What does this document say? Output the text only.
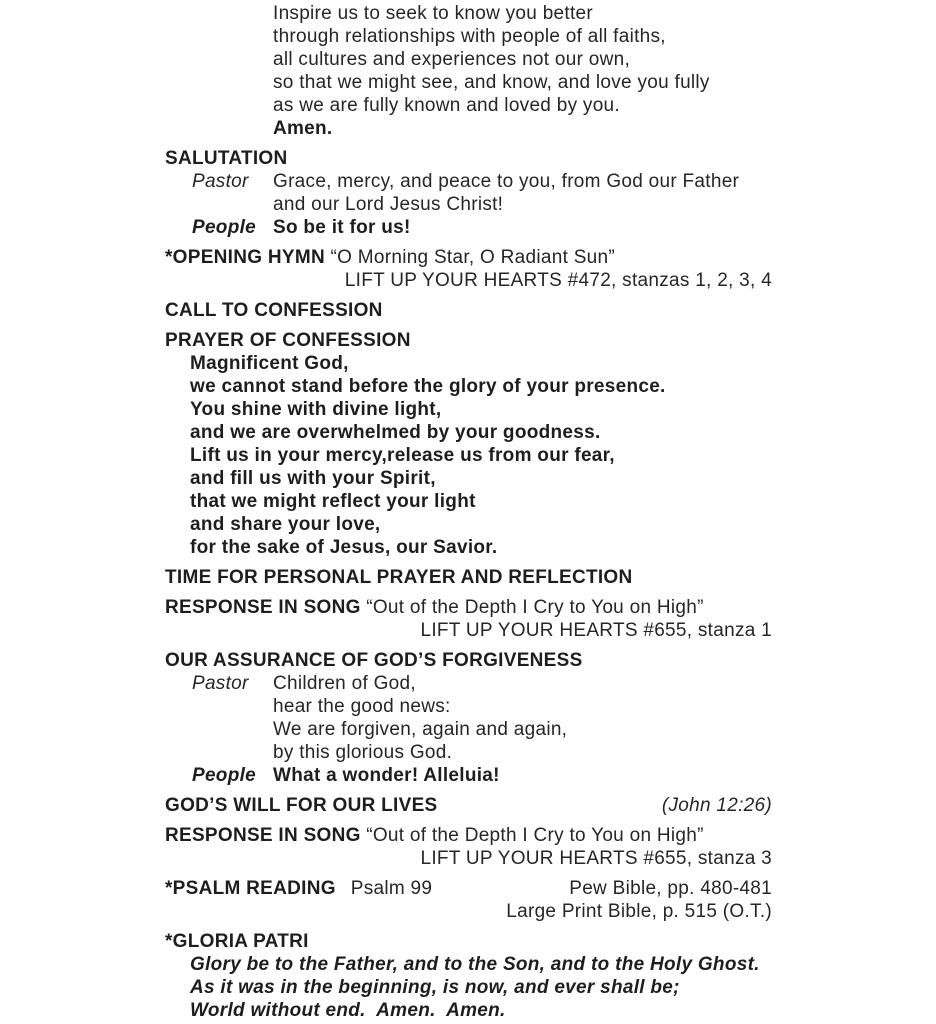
Inspire us to seek to know you better

through relationships with people of all faiths,

all cultures and experiences not our own,

so that we might see, and know, and love you fully

as we are fully known and loved by you.

Amen.

SALUTATION
Pastor	Grace, mercy, and peace to you, from God our Father

and our Lord Jesus Christ!

People So be it for us!

*OPENING HYMN “O Morning Star, O Radiant Sun”

LIFT UP YOUR HEARTS #472, stanzas 1, 2, 3, 4

CALL TO CONFESSION
PRAYER OF CONFESSION

Magnificent God,

we cannot stand before the glory of your presence.

You shine with divine light,

and we are overwhelmed by your goodness.

Lift us in your mercy,release us from our fear,

and fill us with your Spirit,

that we might reflect your light

and share your love,

for the sake of Jesus, our Savior.

TIME FOR PERSONAL PRAYER AND REFLECTION

RESPONSE IN SONG “Out of the Depth I Cry to You on High”

LIFT UP YOUR HEARTS #655, stanza 1

OUR ASSURANCE OF GOD’S FORGIVENESS
Pastor	Children of God,

hear the good news:

We are forgiven, again and again,

by this glorious God.

People What a wonder! Alleluia!

GOD’S WILL FOR OUR LIVES	(John 12:26)

RESPONSE IN SONG “Out of the Depth I Cry to You on High”

LIFT UP YOUR HEARTS #655, stanza 3

*PSALM READING Psalm 99	Pew Bible, pp. 480-481

Large Print Bible, p. 515 (O.T.)

*GLORIA PATRI

Glory be to the Father, and to the Son, and to the Holy Ghost.

As it was in the beginning, is now, and ever shall be;

World without end.  Amen.  Amen.
